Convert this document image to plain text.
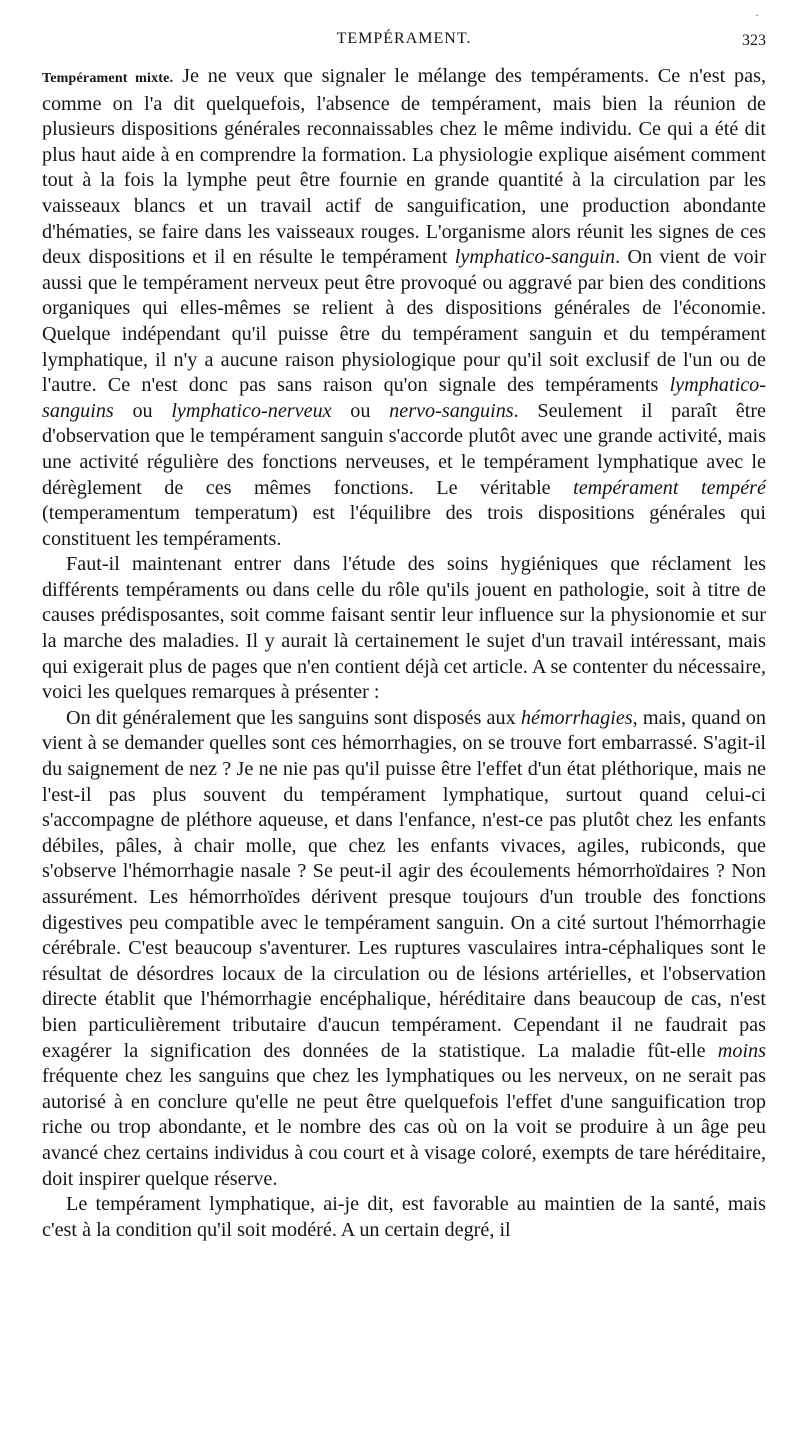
·
TEMPÉRAMENT.	323

Tempérament mixte. Je ne veux que signaler le mélange des tempéraments. Ce n'est pas, comme on l'a dit quelquefois, l'absence de tempérament, mais bien la réunion de plusieurs dispositions générales reconnaissables chez le même individu. Ce qui a été dit plus haut aide à en comprendre la formation. La physiologie explique aisément comment tout à la fois la lymphe peut être fournie en grande quantité à la circulation par les vaisseaux blancs et un travail actif de sanguification, une production abondante d'hématies, se faire dans les vaisseaux rouges. L'organisme alors réunit les signes de ces deux dispositions et il en résulte le tempérament lymphatico-sanguin. On vient de voir aussi que le tempérament nerveux peut être provoqué ou aggravé par bien des conditions organiques qui elles-mêmes se relient à des dispositions générales de l'économie. Quelque indépendant qu'il puisse être du tempérament sanguin et du tempérament lymphatique, il n'y a aucune raison physiologique pour qu'il soit exclusif de l'un ou de l'autre. Ce n'est donc pas sans raison qu'on signale des tempéraments lymphatico-sanguins ou lymphatico-nerveux ou nervo-sanguins. Seulement il paraît être d'observation que le tempérament sanguin s'accorde plutôt avec une grande activité, mais une activité régulière des fonctions nerveuses, et le tempérament lymphatique avec le dérèglement de ces mêmes fonctions. Le véritable tempérament tempéré (temperamentum temperatum) est l'équilibre des trois dispositions générales qui constituent les tempéraments.

Faut-il maintenant entrer dans l'étude des soins hygiéniques que réclament les différents tempéraments ou dans celle du rôle qu'ils jouent en pathologie, soit à titre de causes prédisposantes, soit comme faisant sentir leur influence sur la physionomie et sur la marche des maladies. Il y aurait là certainement le sujet d'un travail intéressant, mais qui exigerait plus de pages que n'en contient déjà cet article. A se contenter du nécessaire, voici les quelques remarques à présenter :

On dit généralement que les sanguins sont disposés aux hémorrhagies, mais, quand on vient à se demander quelles sont ces hémorrhagies, on se trouve fort embarrassé. S'agit-il du saignement de nez ? Je ne nie pas qu'il puisse être l'effet d'un état pléthorique, mais ne l'est-il pas plus souvent du tempérament lymphatique, surtout quand celui-ci s'accompagne de pléthore aqueuse, et dans l'enfance, n'est-ce pas plutôt chez les enfants débiles, pâles, à chair molle, que chez les enfants vivaces, agiles, rubiconds, que s'observe l'hémorrhagie nasale ? Se peut-il agir des écoulements hémorrhoïdaires ? Non assurément. Les hémorrhoïdes dérivent presque toujours d'un trouble des fonctions digestives peu compatible avec le tempérament sanguin. On a cité surtout l'hémorrhagie cérébrale. C'est beaucoup s'aventurer. Les ruptures vasculaires intra-céphaliques sont le résultat de désordres locaux de la circulation ou de lésions artérielles, et l'observation directe établit que l'hémorrhagie encéphalique, héréditaire dans beaucoup de cas, n'est bien particulièrement tributaire d'aucun tempérament. Cependant il ne faudrait pas exagérer la signification des données de la statistique. La maladie fût-elle moins fréquente chez les sanguins que chez les lymphatiques ou les nerveux, on ne serait pas autorisé à en conclure qu'elle ne peut être quelquefois l'effet d'une sanguification trop riche ou trop abondante, et le nombre des cas où on la voit se produire à un âge peu avancé chez certains individus à cou court et à visage coloré, exempts de tare héréditaire, doit inspirer quelque réserve.

Le tempérament lymphatique, ai-je dit, est favorable au maintien de la santé, mais c'est à la condition qu'il soit modéré. A un certain degré, il
